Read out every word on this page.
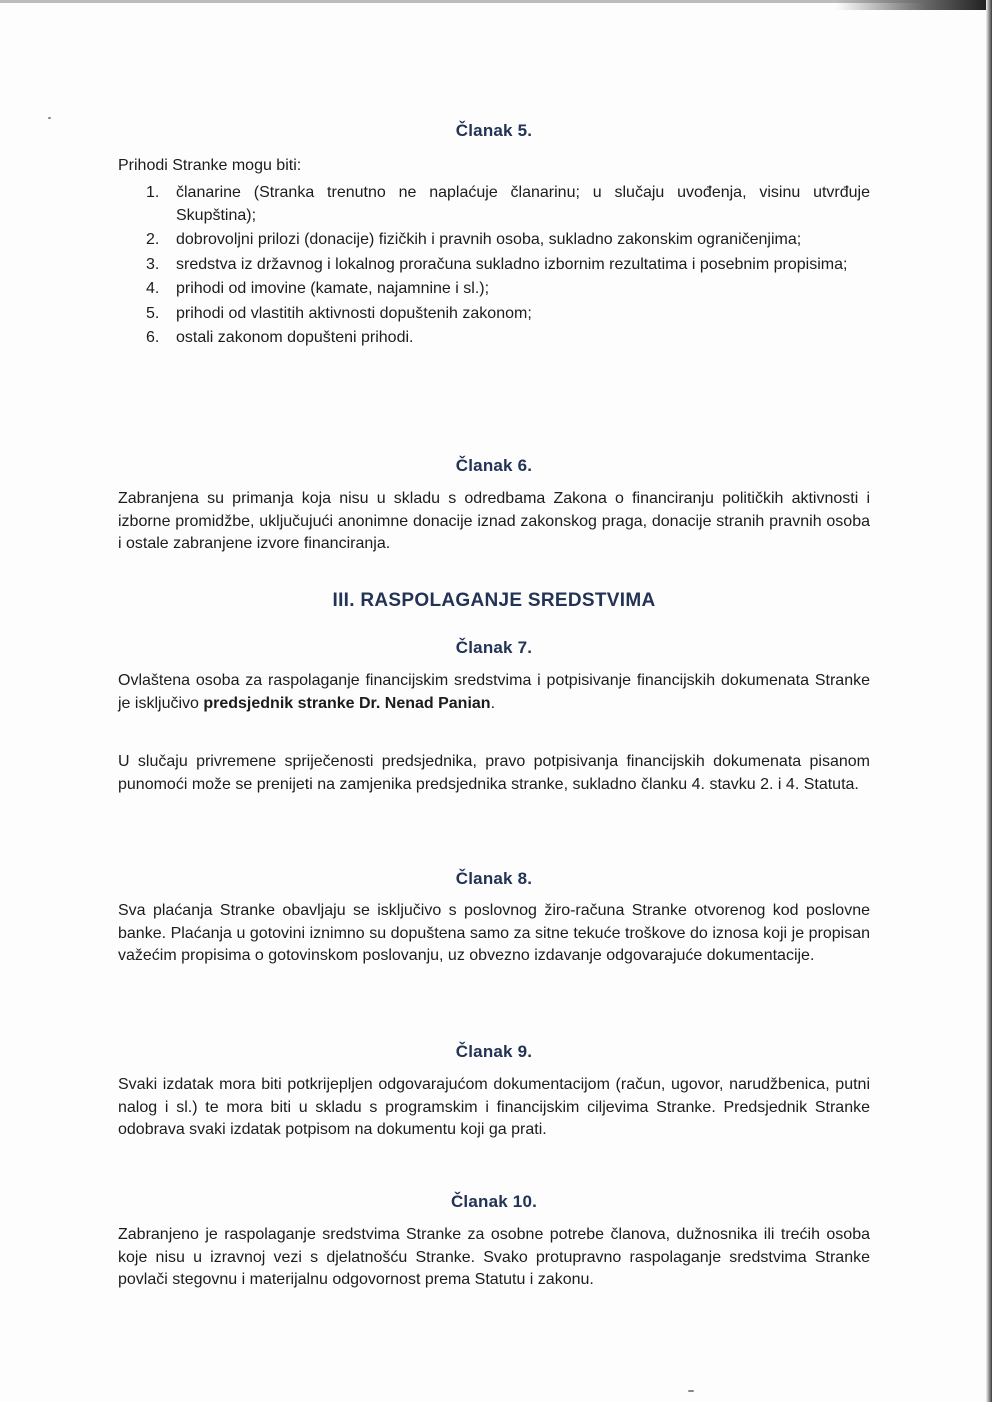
Članak 5.

Prihodi Stranke mogu biti:

1. članarine (Stranka trenutno ne naplaćuje članarinu; u slučaju uvođenja, visinu utvrđuje Skupština);
2. dobrovoljni prilozi (donacije) fizičkih i pravnih osoba, sukladno zakonskim ograničenjima;
3. sredstva iz državnog i lokalnog proračuna sukladno izbornim rezultatima i posebnim propisima;
4. prihodi od imovine (kamate, najamnine i sl.);
5. prihodi od vlastitih aktivnosti dopuštenih zakonom;
6. ostali zakonom dopušteni prihodi.
Članak 6.

Zabranjena su primanja koja nisu u skladu s odredbama Zakona o financiranju političkih aktivnosti i izborne promidžbe, uključujući anonimne donacije iznad zakonskog praga, donacije stranih pravnih osoba i ostale zabranjene izvore financiranja.

III. RASPOLAGANJE SREDSTVIMA
Članak 7.

Ovlaštena osoba za raspolaganje financijskim sredstvima i potpisivanje financijskih dokumenata Stranke je isključivo predsjednik stranke Dr. Nenad Panian.

U slučaju privremene spriječenosti predsjednika, pravo potpisivanja financijskih dokumenata pisanom punomoći može se prenijeti na zamjenika predsjednika stranke, sukladno članku 4. stavku 2. i 4. Statuta.

Članak 8.

Sva plaćanja Stranke obavljaju se isključivo s poslovnog žiro-računa Stranke otvorenog kod poslovne banke. Plaćanja u gotovini iznimno su dopuštena samo za sitne tekuće troškove do iznosa koji je propisan važećim propisima o gotovinskom poslovanju, uz obvezno izdavanje odgovarajuće dokumentacije.

Članak 9.

Svaki izdatak mora biti potkrijepljen odgovarajućom dokumentacijom (račun, ugovor, narudžbenica, putni nalog i sl.) te mora biti u skladu s programskim i financijskim ciljevima Stranke. Predsjednik Stranke odobrava svaki izdatak potpisom na dokumentu koji ga prati.

Članak 10.

Zabranjeno je raspolaganje sredstvima Stranke za osobne potrebe članova, dužnosnika ili trećih osoba koje nisu u izravnoj vezi s djelatnošću Stranke. Svako protupravno raspolaganje sredstvima Stranke povlači stegovnu i materijalnu odgovornost prema Statutu i zakonu.
